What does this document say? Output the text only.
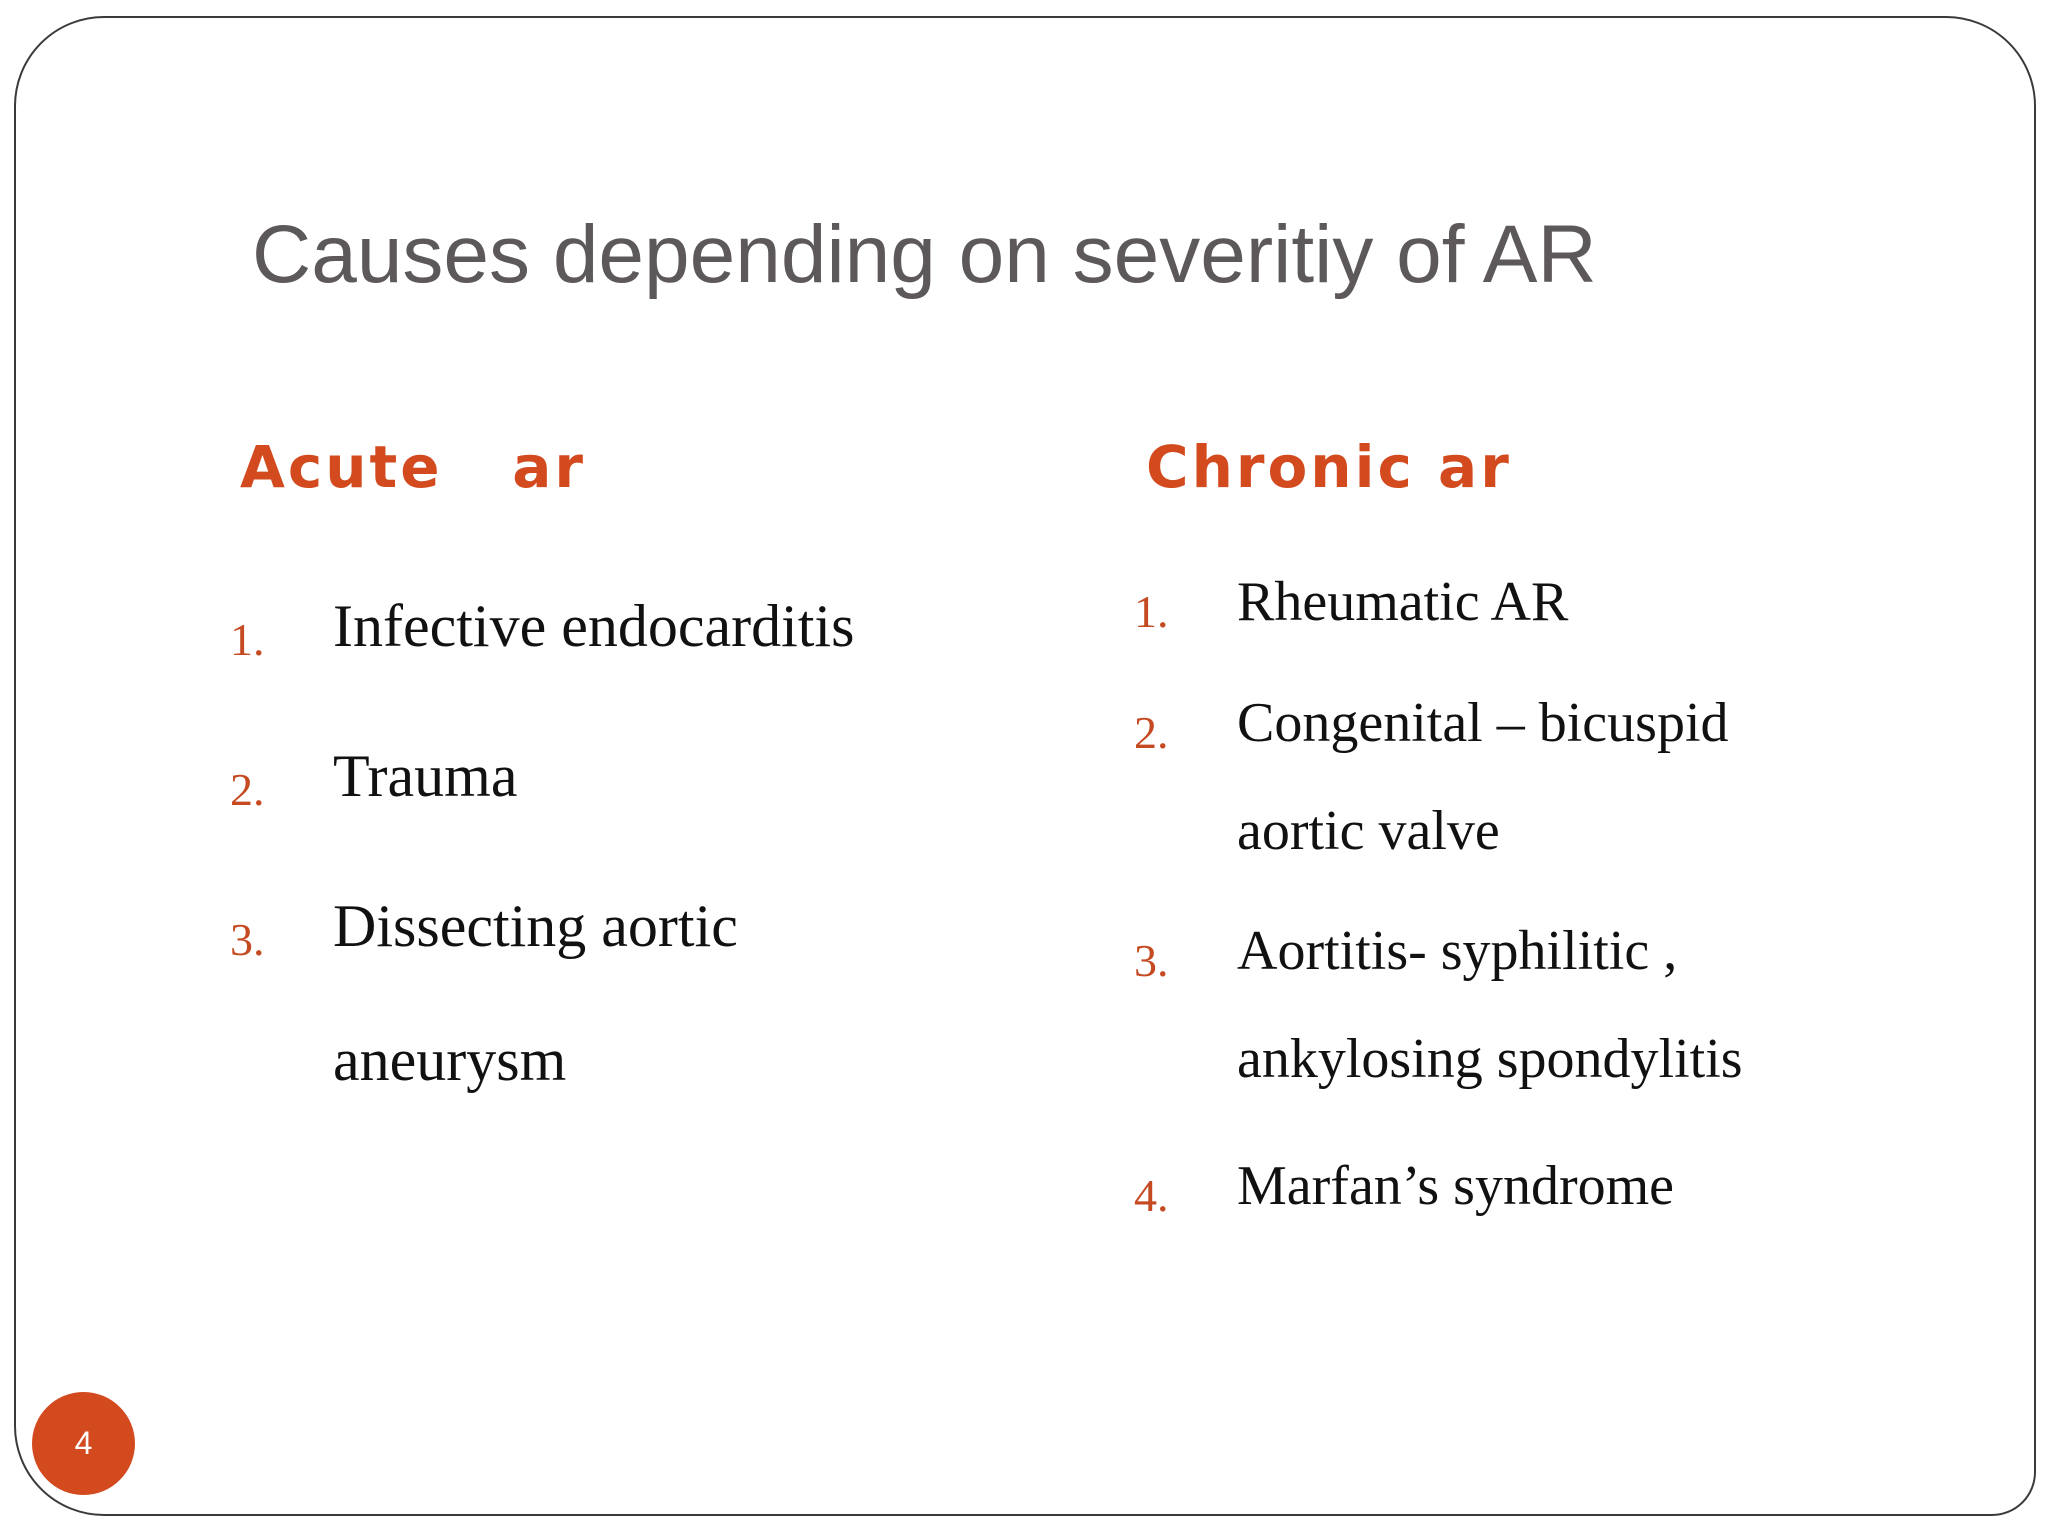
Causes depending on severitiy of AR
Acute   ar	Chronic ar
1. Infective endocarditis
2. Trauma
3. Dissecting aortic
aneurysm
1. Rheumatic AR
2. Congenital – bicuspid
aortic valve
3. Aortitis- syphilitic ,
ankylosing spondylitis
4. Marfan’s syndrome
4
